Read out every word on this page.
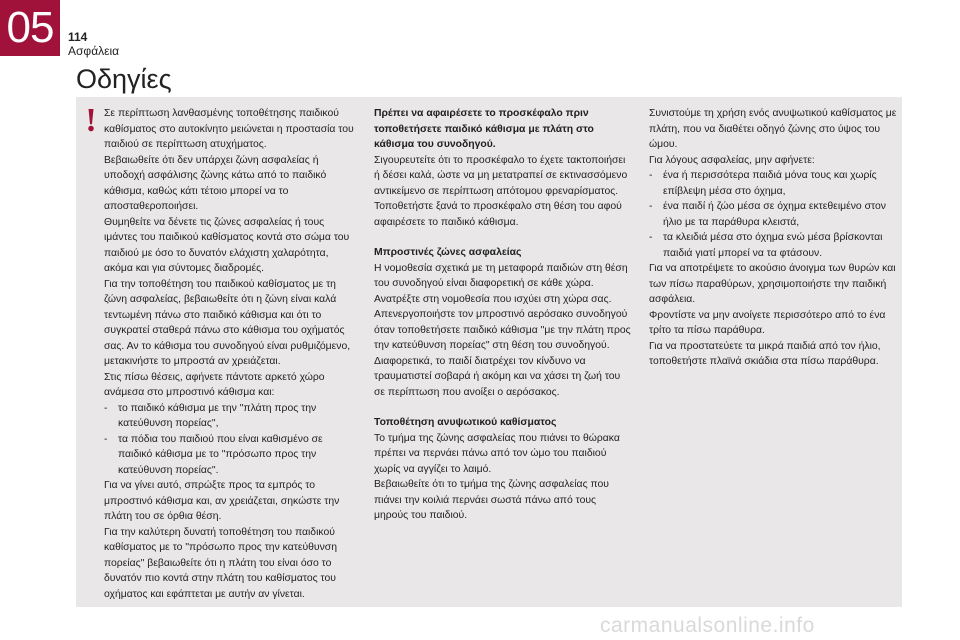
05	114
Ασφάλεια
Οδηγίες
! Σε περίπτωση λανθασμένης τοποθέτησης παιδικού καθίσματος στο αυτοκίνητο μειώνεται η προστασία του παιδιού σε περίπτωση ατυχήματος.

Βεβαιωθείτε ότι δεν υπάρχει ζώνη ασφαλείας ή υποδοχή ασφάλισης ζώνης κάτω από το παιδικό κάθισμα, καθώς κάτι τέτοιο μπορεί να το αποσταθεροποιήσει.

Θυμηθείτε να δένετε τις ζώνες ασφαλείας ή τους ιμάντες του παιδικού καθίσματος κοντά στο σώμα του παιδιού με όσο το δυνατόν ελάχιστη χαλαρότητα, ακόμα και για σύντομες διαδρομές.

Για την τοποθέτηση του παιδικού καθίσματος με τη ζώνη ασφαλείας, βεβαιωθείτε ότι η ζώνη είναι καλά τεντωμένη πάνω στο παιδικό κάθισμα και ότι το συγκρατεί σταθερά πάνω στο κάθισμα του οχήματός σας. Αν το κάθισμα του συνοδηγού είναι ρυθμιζόμενο, μετακινήστε το μπροστά αν χρειάζεται.

Στις πίσω θέσεις, αφήνετε πάντοτε αρκετό χώρο ανάμεσα στο μπροστινό κάθισμα και:

-	το παιδικό κάθισμα με την "πλάτη προς την κατεύθυνση πορείας",
-	τα πόδια του παιδιού που είναι καθισμένο σε παιδικό κάθισμα με το "πρόσωπο προς την κατεύθυνση πορείας".

Για να γίνει αυτό, σπρώξτε προς τα εμπρός το μπροστινό κάθισμα και, αν χρειάζεται, σηκώστε την πλάτη του σε όρθια θέση.

Για την καλύτερη δυνατή τοποθέτηση του παιδικού καθίσματος με το "πρόσωπο προς την κατεύθυνση πορείας" βεβαιωθείτε ότι η πλάτη του είναι όσο το δυνατόν πιο κοντά στην πλάτη του καθίσματος του οχήματος και εφάπτεται με αυτήν αν γίνεται.

Πρέπει να αφαιρέσετε το προσκέφαλο πριν τοποθετήσετε παιδικό κάθισμα με πλάτη στο κάθισμα του συνοδηγού.

Σιγουρευτείτε ότι το προσκέφαλο το έχετε τακτοποιήσει ή δέσει καλά, ώστε να μη μετατραπεί σε εκτινασσόμενο αντικείμενο σε περίπτωση απότομου φρεναρίσματος. Τοποθετήστε ξανά το προσκέφαλο στη θέση του αφού αφαιρέσετε το παιδικό κάθισμα.

Μπροστινές ζώνες ασφαλείας

Η νομοθεσία σχετικά με τη μεταφορά παιδιών στη θέση του συνοδηγού είναι διαφορετική σε κάθε χώρα. Ανατρέξτε στη νομοθεσία που ισχύει στη χώρα σας.

Απενεργοποιήστε τον μπροστινό αερόσακο συνοδηγού όταν τοποθετήσετε παιδικό κάθισμα "με την πλάτη προς την κατεύθυνση πορείας" στη θέση του συνοδηγού.

Διαφορετικά, το παιδί διατρέχει τον κίνδυνο να τραυματιστεί σοβαρά ή ακόμη και να χάσει τη ζωή του σε περίπτωση που ανοίξει ο αερόσακος.

Τοποθέτηση ανυψωτικού καθίσματος

Το τμήμα της ζώνης ασφαλείας που πιάνει το θώρακα πρέπει να περνάει πάνω από τον ώμο του παιδιού χωρίς να αγγίζει το λαιμό.

Βεβαιωθείτε ότι το τμήμα της ζώνης ασφαλείας που πιάνει την κοιλιά περνάει σωστά πάνω από τους μηρούς του παιδιού.

Συνιστούμε τη χρήση ενός ανυψωτικού καθίσματος με πλάτη, που να διαθέτει οδηγό ζώνης στο ύψος του ώμου.

Για λόγους ασφαλείας, μην αφήνετε:

-	ένα ή περισσότερα παιδιά μόνα τους και χωρίς επίβλεψη μέσα στο όχημα,
-	ένα παιδί ή ζώο μέσα σε όχημα εκτεθειμένο στον ήλιο με τα παράθυρα κλειστά,
-	τα κλειδιά μέσα στο όχημα ενώ μέσα βρίσκονται παιδιά γιατί μπορεί να τα φτάσουν.

Για να αποτρέψετε το ακούσιο άνοιγμα των θυρών και των πίσω παραθύρων, χρησιμοποιήστε την παιδική ασφάλεια.

Φροντίστε να μην ανοίγετε περισσότερο από το ένα τρίτο τα πίσω παράθυρα.

Για να προστατεύετε τα μικρά παιδιά από τον ήλιο, τοποθετήστε πλαϊνά σκιάδια στα πίσω παράθυρα.

carmanualsonline.info
